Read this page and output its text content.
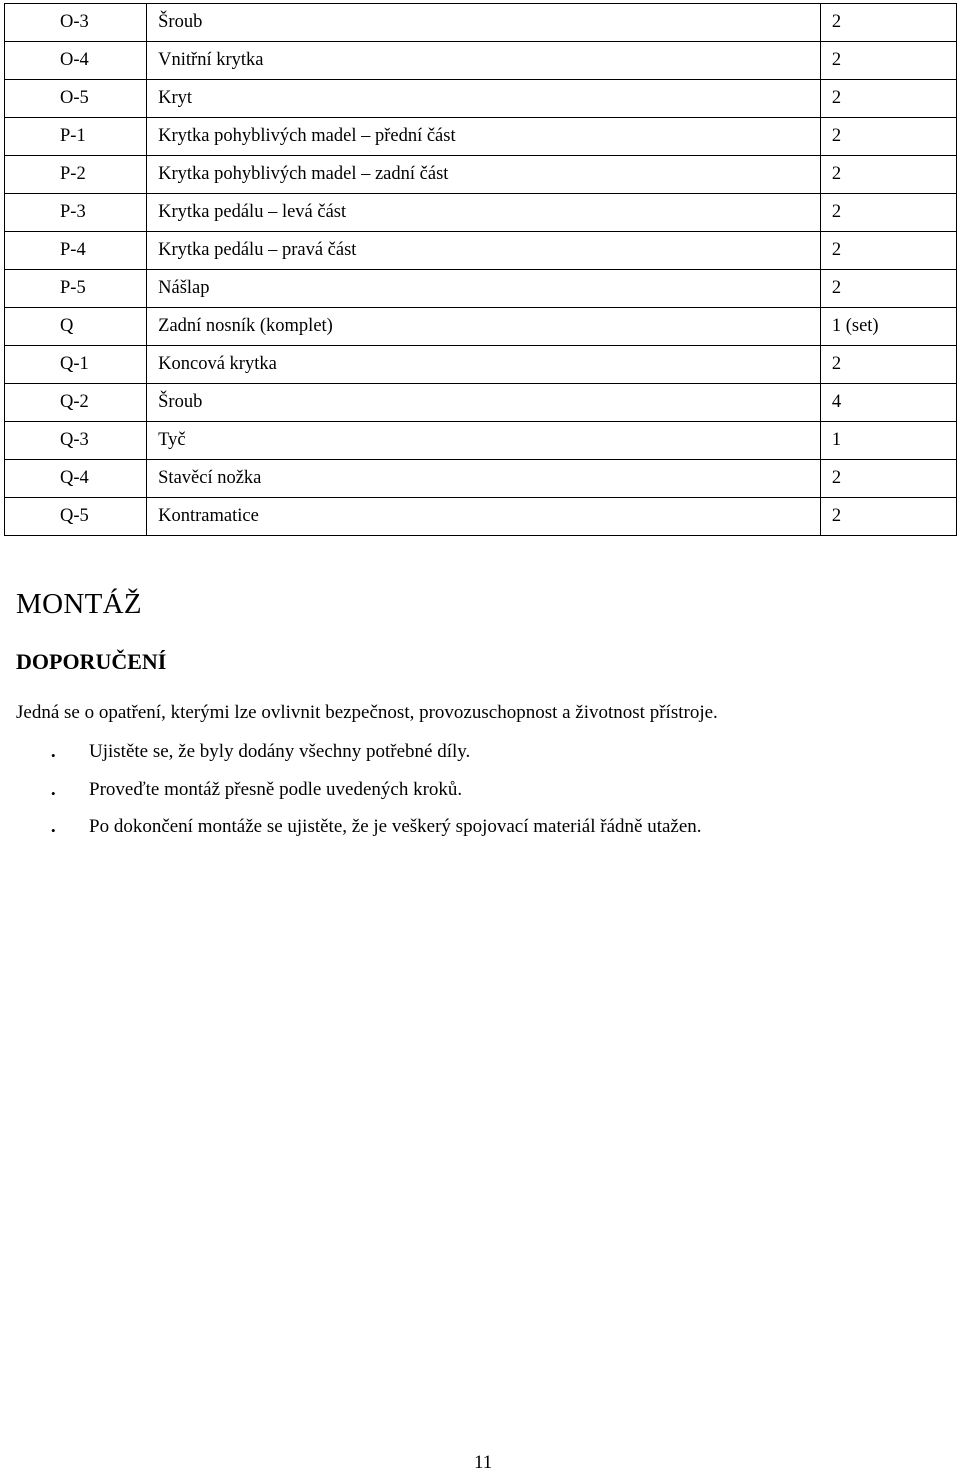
O-3	Šroub	2
O-4	Vnitřní krytka	2
O-5	Kryt	2
P-1	Krytka pohyblivých madel – přední část	2
P-2	Krytka pohyblivých madel – zadní část	2
P-3	Krytka pedálu – levá část	2
P-4	Krytka pedálu – pravá část	2
P-5	Nášlap	2
Q	Zadní nosník (komplet)	1 (set)
Q-1	Koncová krytka	2
Q-2	Šroub	4
Q-3	Tyč	1
Q-4	Stavěcí nožka	2
Q-5	Kontramatice	2
MONTÁŽ
DOPORUČENÍ

Jedná se o opatření, kterými lze ovlivnit bezpečnost, provozuschopnost a životnost přístroje.

•	Ujistěte se, že byly dodány všechny potřebné díly.
•	Proveďte montáž přesně podle uvedených kroků.
•	Po dokončení montáže se ujistěte, že je veškerý spojovací materiál řádně utažen.
11
